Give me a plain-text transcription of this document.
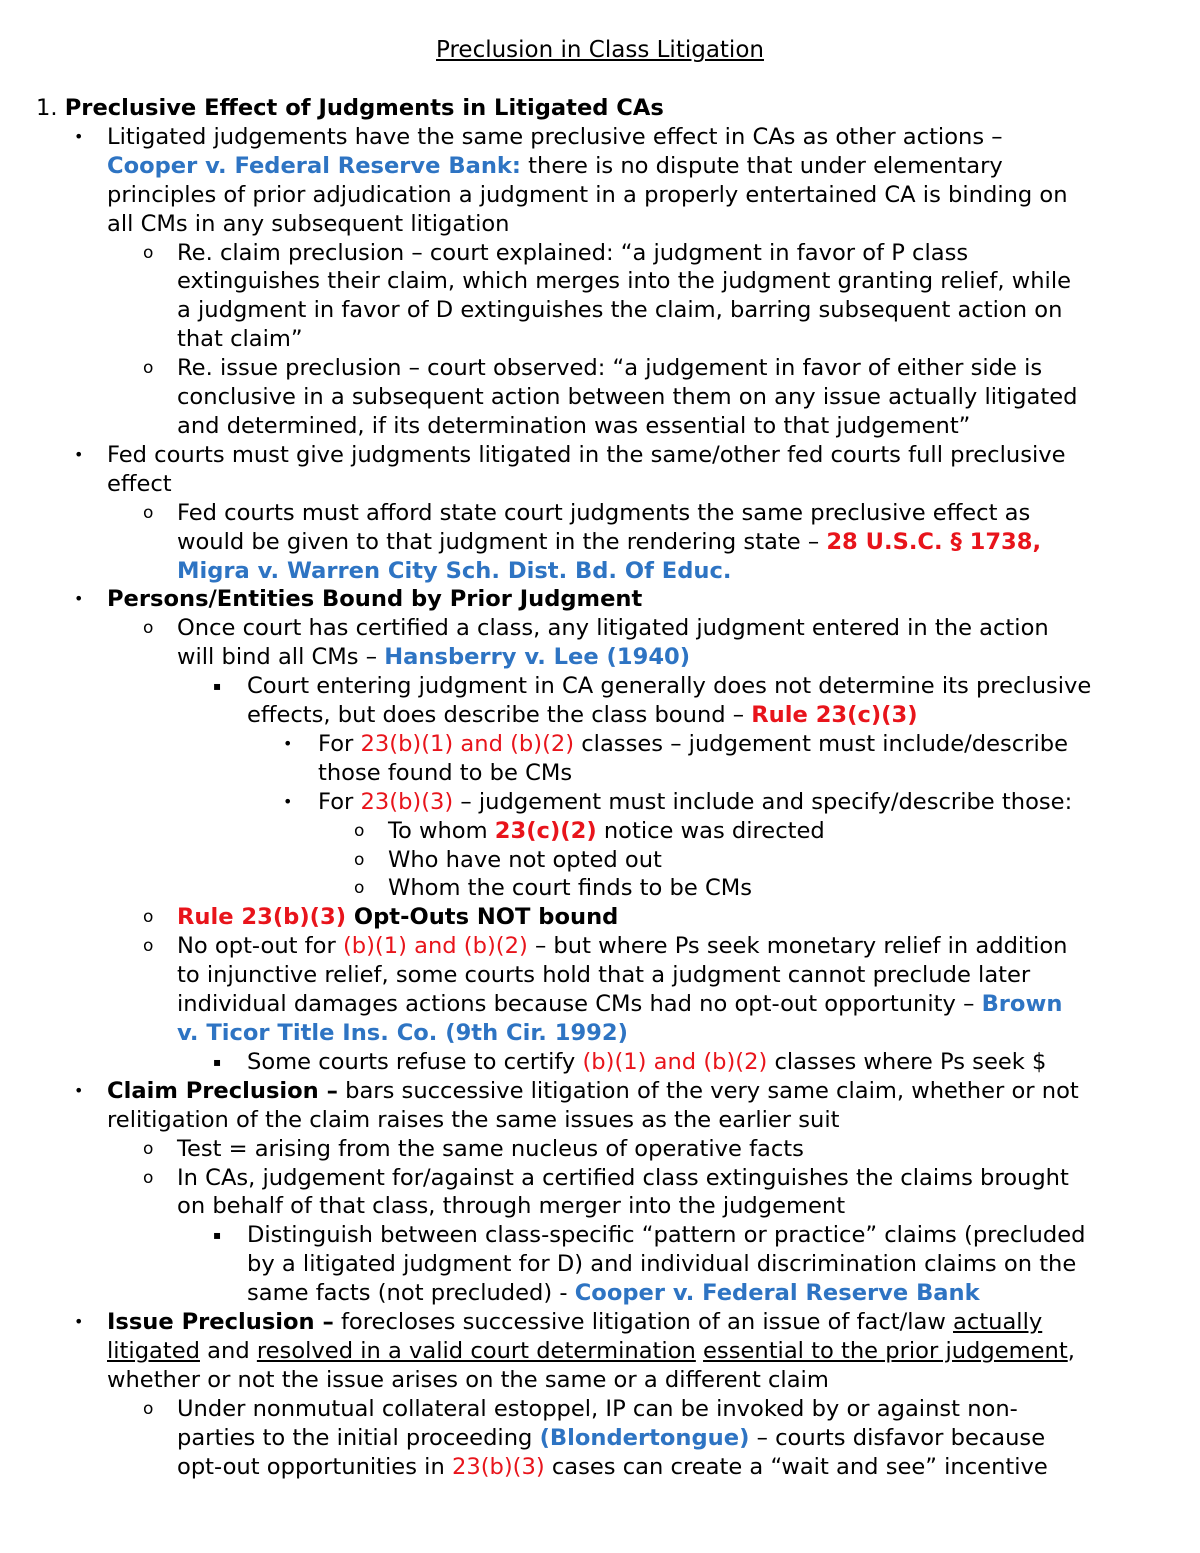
Preclusion in Class Litigation
1. Preclusive Effect of Judgments in Litigated CAs
• Litigated judgements have the same preclusive effect in CAs as other actions –
Cooper v. Federal Reserve Bank: there is no dispute that under elementary
principles of prior adjudication a judgment in a properly entertained CA is binding on
all CMs in any subsequent litigation
o Re. claim preclusion – court explained: “a judgment in favor of P class
extinguishes their claim, which merges into the judgment granting relief, while
a judgment in favor of D extinguishes the claim, barring subsequent action on
that claim”
o Re. issue preclusion – court observed: “a judgement in favor of either side is
conclusive in a subsequent action between them on any issue actually litigated
and determined, if its determination was essential to that judgement”
• Fed courts must give judgments litigated in the same/other fed courts full preclusive
effect
o Fed courts must afford state court judgments the same preclusive effect as
would be given to that judgment in the rendering state – 28 U.S.C. § 1738,
Migra v. Warren City Sch. Dist. Bd. Of Educ.
• Persons/Entities Bound by Prior Judgment
o Once court has certified a class, any litigated judgment entered in the action
will bind all CMs – Hansberry v. Lee (1940)
▪ Court entering judgment in CA generally does not determine its preclusive
effects, but does describe the class bound – Rule 23(c)(3)
• For 23(b)(1) and (b)(2) classes – judgement must include/describe
those found to be CMs
• For 23(b)(3) – judgement must include and specify/describe those:
o To whom 23(c)(2) notice was directed
o Who have not opted out
o Whom the court finds to be CMs
o Rule 23(b)(3) Opt-Outs NOT bound
o No opt-out for (b)(1) and (b)(2) – but where Ps seek monetary relief in addition
to injunctive relief, some courts hold that a judgment cannot preclude later
individual damages actions because CMs had no opt-out opportunity – Brown
v. Ticor Title Ins. Co. (9th Cir. 1992)
▪ Some courts refuse to certify (b)(1) and (b)(2) classes where Ps seek $
• Claim Preclusion – bars successive litigation of the very same claim, whether or not
relitigation of the claim raises the same issues as the earlier suit
o Test = arising from the same nucleus of operative facts
o In CAs, judgement for/against a certified class extinguishes the claims brought
on behalf of that class, through merger into the judgement
▪ Distinguish between class-specific “pattern or practice” claims (precluded
by a litigated judgment for D) and individual discrimination claims on the
same facts (not precluded) - Cooper v. Federal Reserve Bank
• Issue Preclusion – forecloses successive litigation of an issue of fact/law actually
litigated and resolved in a valid court determination essential to the prior judgement,
whether or not the issue arises on the same or a different claim
o Under nonmutual collateral estoppel, IP can be invoked by or against non-
parties to the initial proceeding (Blondertongue) – courts disfavor because
opt-out opportunities in 23(b)(3) cases can create a “wait and see” incentive
